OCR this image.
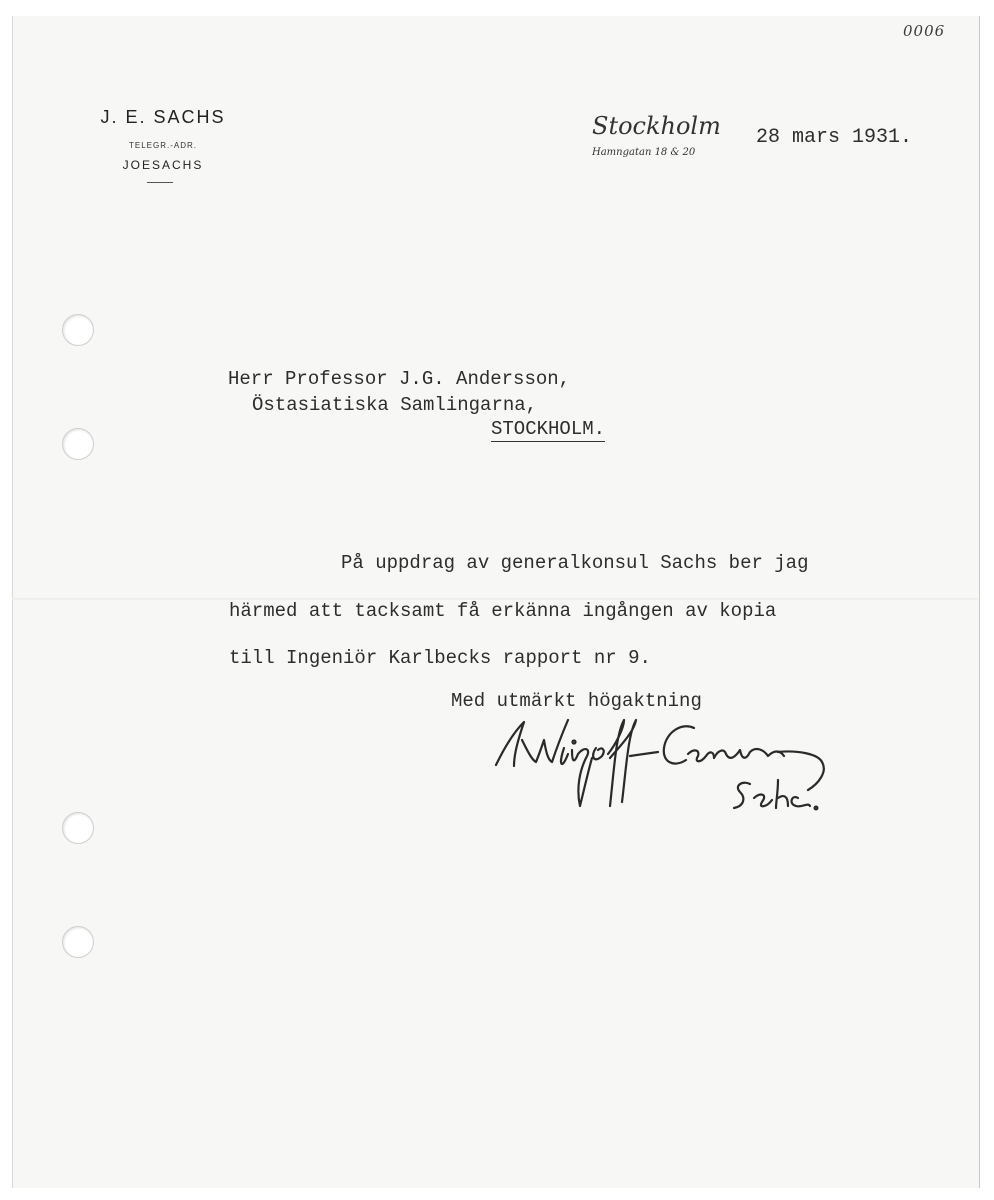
0006
J. E. SACHS
TELEGR.-ADR.
JOESACHS
Stockholm
Hamngatan 18 & 20
28 mars 1931.
Herr Professor J.G. Andersson,
Östasiatiska Samlingarna,
STOCKHOLM.
På uppdrag av generalkonsul Sachs ber jag
härmed att tacksamt få erkänna ingången av kopia
till Ingeniör Karlbecks rapport nr 9.
Med utmärkt högaktning
